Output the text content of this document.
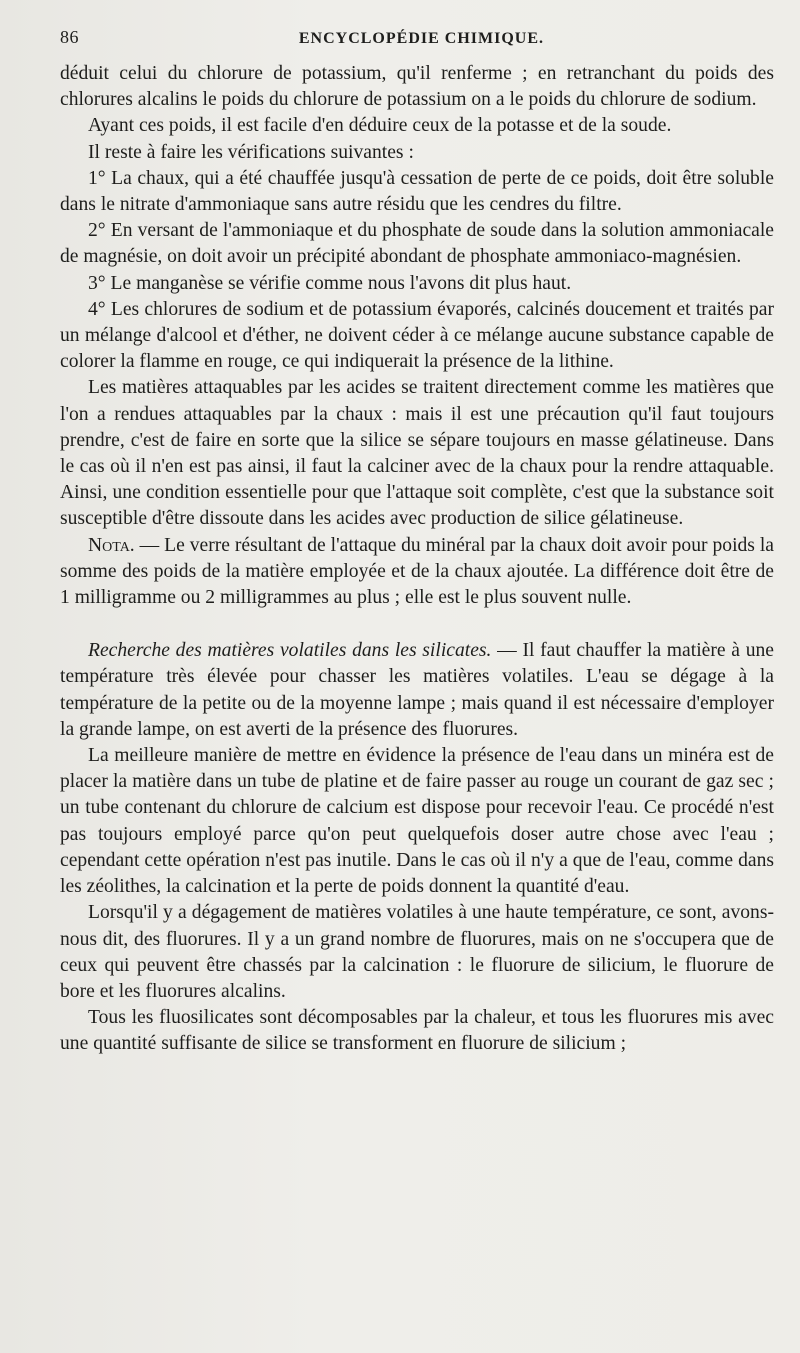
86	ENCYCLOPÉDIE CHIMIQUE.

déduit celui du chlorure de potassium, qu'il renferme ; en retranchant du poids des chlorures alcalins le poids du chlorure de potassium on a le poids du chlorure de sodium.

Ayant ces poids, il est facile d'en déduire ceux de la potasse et de la soude.

Il reste à faire les vérifications suivantes :

1° La chaux, qui a été chauffée jusqu'à cessation de perte de ce poids, doit être soluble dans le nitrate d'ammoniaque sans autre résidu que les cendres du filtre.

2° En versant de l'ammoniaque et du phosphate de soude dans la solution ammoniacale de magnésie, on doit avoir un précipité abondant de phosphate ammoniaco-magnésien.

3° Le manganèse se vérifie comme nous l'avons dit plus haut.

4° Les chlorures de sodium et de potassium évaporés, calcinés doucement et traités par un mélange d'alcool et d'éther, ne doivent céder à ce mélange aucune substance capable de colorer la flamme en rouge, ce qui indiquerait la présence de la lithine.

Les matières attaquables par les acides se traitent directement comme les matières que l'on a rendues attaquables par la chaux : mais il est une précaution qu'il faut toujours prendre, c'est de faire en sorte que la silice se sépare toujours en masse gélatineuse. Dans le cas où il n'en est pas ainsi, il faut la calciner avec de la chaux pour la rendre attaquable. Ainsi, une condition essentielle pour que l'attaque soit complète, c'est que la substance soit susceptible d'être dissoute dans les acides avec production de silice gélatineuse.

Nota. — Le verre résultant de l'attaque du minéral par la chaux doit avoir pour poids la somme des poids de la matière employée et de la chaux ajoutée. La différence doit être de 1 milligramme ou 2 milligrammes au plus ; elle est le plus souvent nulle.

Recherche des matières volatiles dans les silicates. — Il faut chauffer la matière à une température très élevée pour chasser les matières volatiles. L'eau se dégage à la température de la petite ou de la moyenne lampe ; mais quand il est nécessaire d'employer la grande lampe, on est averti de la présence des fluorures.

La meilleure manière de mettre en évidence la présence de l'eau dans un minéra est de placer la matière dans un tube de platine et de faire passer au rouge un courant de gaz sec ; un tube contenant du chlorure de calcium est dispose pour recevoir l'eau. Ce procédé n'est pas toujours employé parce qu'on peut quelquefois doser autre chose avec l'eau ; cependant cette opération n'est pas inutile. Dans le cas où il n'y a que de l'eau, comme dans les zéolithes, la calcination et la perte de poids donnent la quantité d'eau.

Lorsqu'il y a dégagement de matières volatiles à une haute température, ce sont, avons-nous dit, des fluorures. Il y a un grand nombre de fluorures, mais on ne s'occupera que de ceux qui peuvent être chassés par la calcination : le fluorure de silicium, le fluorure de bore et les fluorures alcalins.

Tous les fluosilicates sont décomposables par la chaleur, et tous les fluorures mis avec une quantité suffisante de silice se transforment en fluorure de silicium ;
